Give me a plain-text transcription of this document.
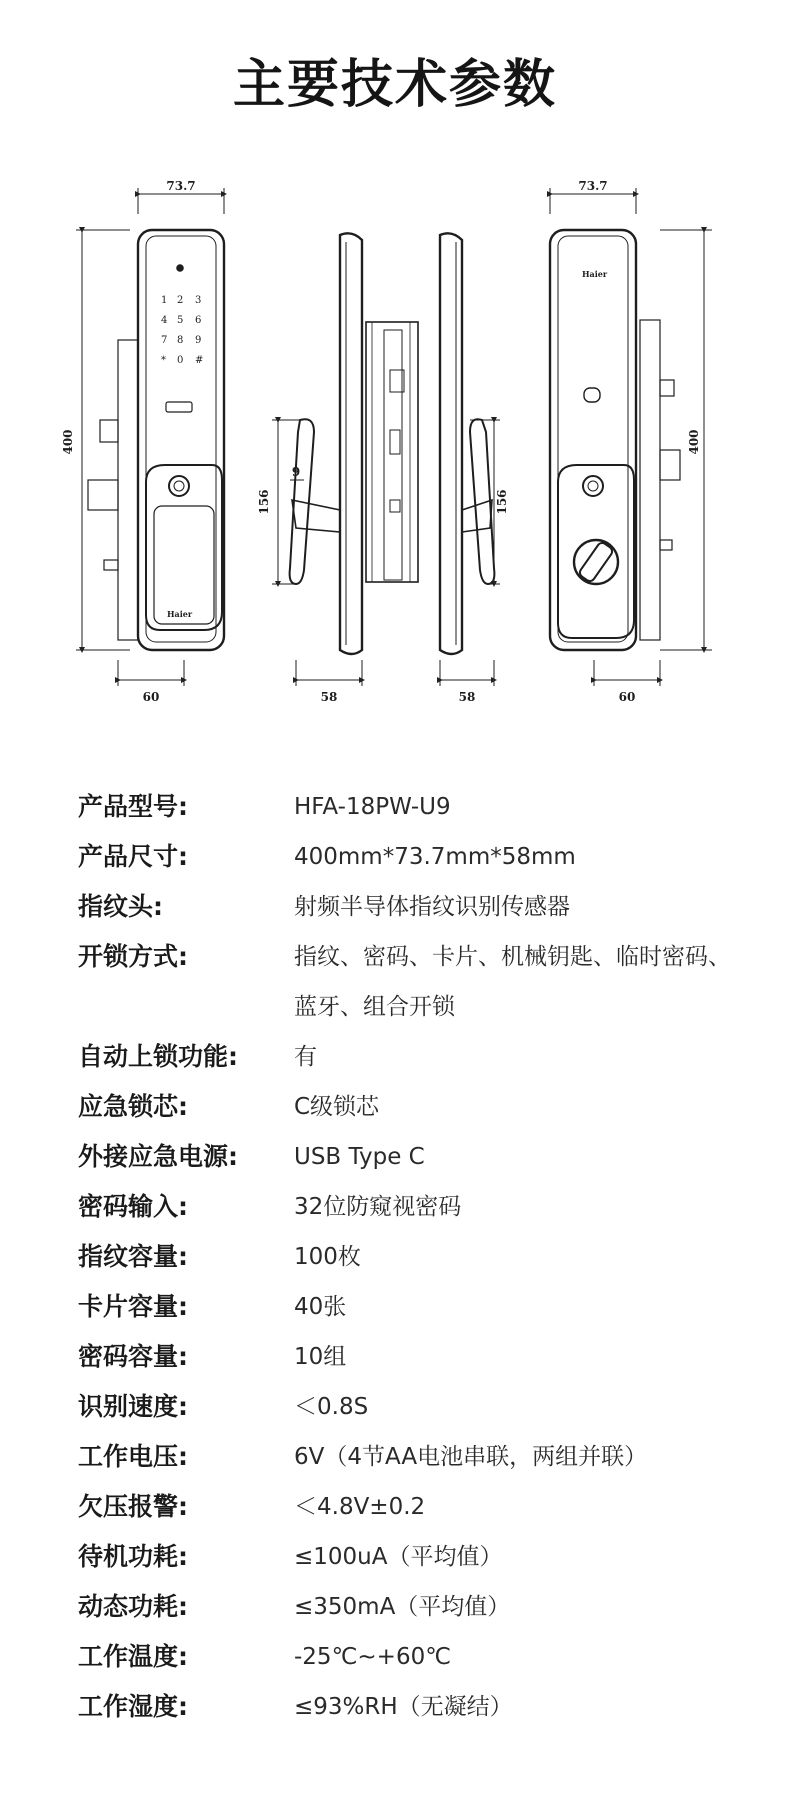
主要技术参数
1 2 3
4 5 6
7 8 9
* 0 #
Haier
Haier
73.7	73.7
400	400
156	156
9
60	58	58	60
产品型号:	HFA-18PW-U9
产品尺寸:	400mm*73.7mm*58mm
指纹头:	射频半导体指纹识别传感器
开锁方式:	指纹、密码、卡片、机械钥匙、临时密码、
蓝牙、组合开锁
自动上锁功能:	有
应急锁芯:	C级锁芯
外接应急电源:	USB Type C
密码输入:	32位防窥视密码
指纹容量:	100枚
卡片容量:	40张
密码容量:	10组
识别速度:	＜0.8S
工作电压:	6V（4节AA电池串联，两组并联）
欠压报警:	＜4.8V±0.2
待机功耗:	≤100uA（平均值）
动态功耗:	≤350mA（平均值）
工作温度:	-25℃~+60℃
工作湿度:	≤93%RH（无凝结）
